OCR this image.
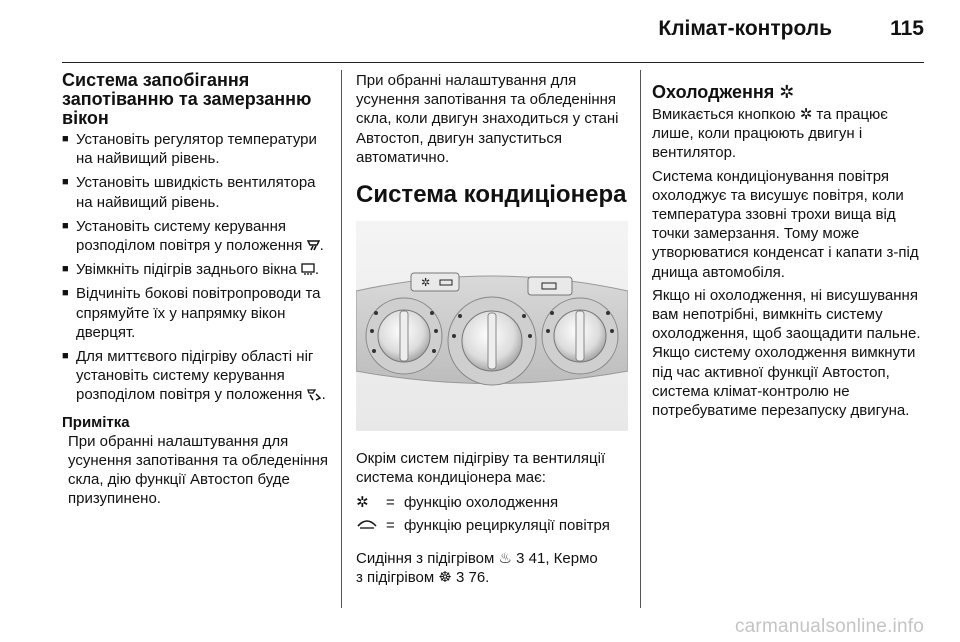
Клімат-контроль	115
Система запобігання запотіванню та замерзанню вікон
■ Установіть регулятор температури на найвищий рівень.
■ Установіть швидкість вентилятора на найвищий рівень.
■ Установіть систему керування розподілом повітря у положення .
■ Увімкніть підігрів заднього вікна .
■ Відчиніть бокові повітропроводи та спрямуйте їх у напрямку вікон дверцят.
■ Для миттєвого підігріву області ніг установіть систему керування розподілом повітря у положення .
Примітка
При обранні налаштування для усунення запотівання та обледеніння скла, дію функції Автостоп буде призупинено.
При обранні налаштування для усунення запотівання та обледеніння скла, коли двигун знаходиться у стані Автостоп, двигун запуститься автоматично.
Система кондиціонера
✲
Окрім систем підігріву та вентиляції система кондиціонера має:
✲	= функцію охолодження
= функцію рециркуляції повітря
Сидіння з підігрівом ♨ 3 41, Кермо
з підігрівом ☸ 3 76.
Охолодження ✲
Вмикається кнопкою ✲ та працює лише, коли працюють двигун і вентилятор.
Система кондиціонування повітря охолоджує та висушує повітря, коли температура ззовні трохи вища від точки замерзання. Тому може утворюватися конденсат і капати з-під днища автомобіля.
Якщо ні охолодження, ні висушування вам непотрібні, вимкніть систему охолодження, щоб заощадити пальне. Якщо систему охолодження вимкнути під час активної функції Автостоп, система клімат-контролю не потребуватиме перезапуску двигуна.
carmanualsonline.info
